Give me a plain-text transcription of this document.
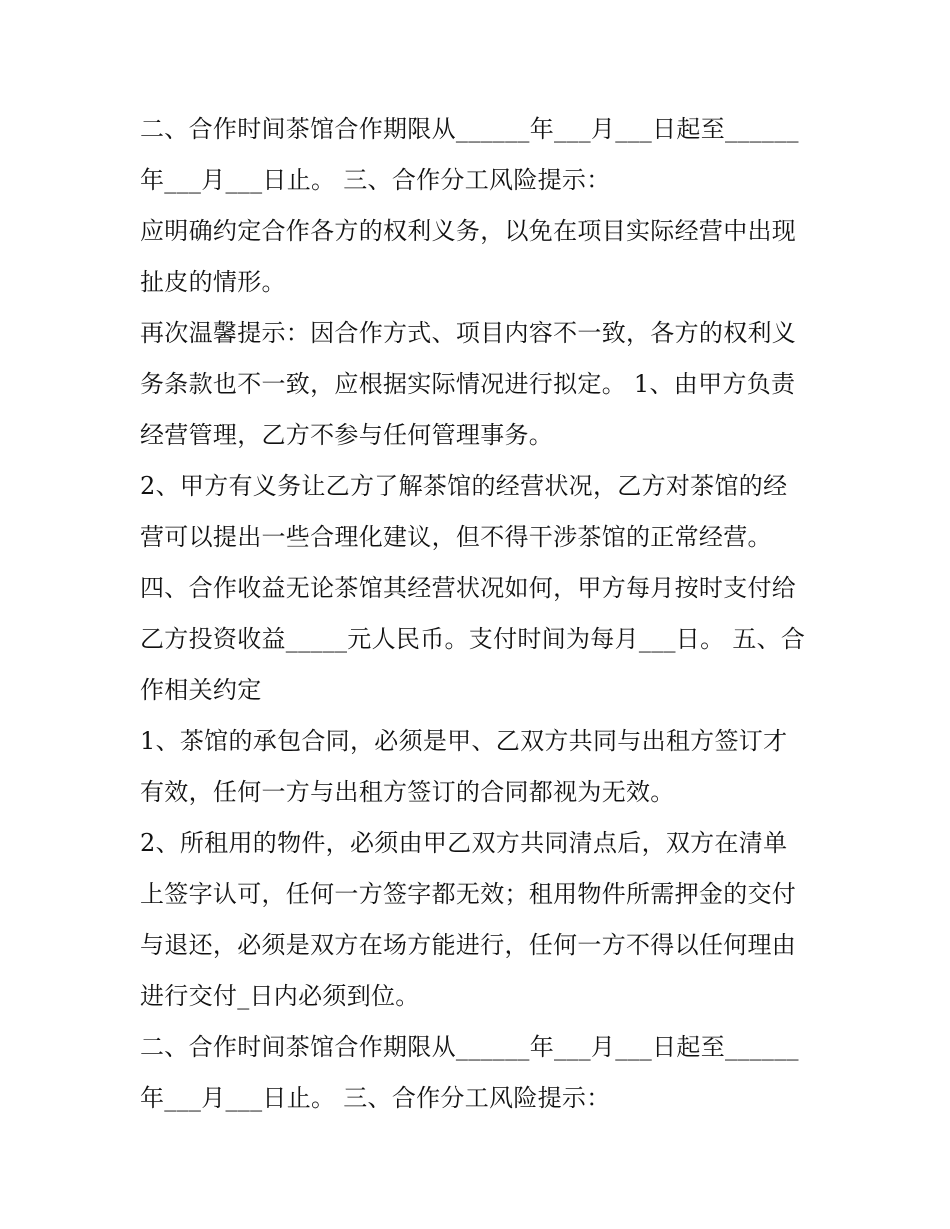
二、合作时间茶馆合作期限从______年___月___日起至______

年___月___日止。 三、合作分工风险提示：

应明确约定合作各方的权利义务，以免在项目实际经营中出现

扯皮的情形。

再次温馨提示：因合作方式、项目内容不一致，各方的权利义

务条款也不一致，应根据实际情况进行拟定。 1、由甲方负责

经营管理，乙方不参与任何管理事务。

2、甲方有义务让乙方了解茶馆的经营状况，乙方对茶馆的经

营可以提出一些合理化建议，但不得干涉茶馆的正常经营。

四、合作收益无论茶馆其经营状况如何，甲方每月按时支付给

乙方投资收益_____元人民币。支付时间为每月___日。 五、合

作相关约定

1、茶馆的承包合同，必须是甲、乙双方共同与出租方签订才

有效，任何一方与出租方签订的合同都视为无效。

2、所租用的物件，必须由甲乙双方共同清点后，双方在清单

上签字认可，任何一方签字都无效；租用物件所需押金的交付

与退还，必须是双方在场方能进行，任何一方不得以任何理由

进行交付_日内必须到位。

二、合作时间茶馆合作期限从______年___月___日起至______

年___月___日止。 三、合作分工风险提示：
